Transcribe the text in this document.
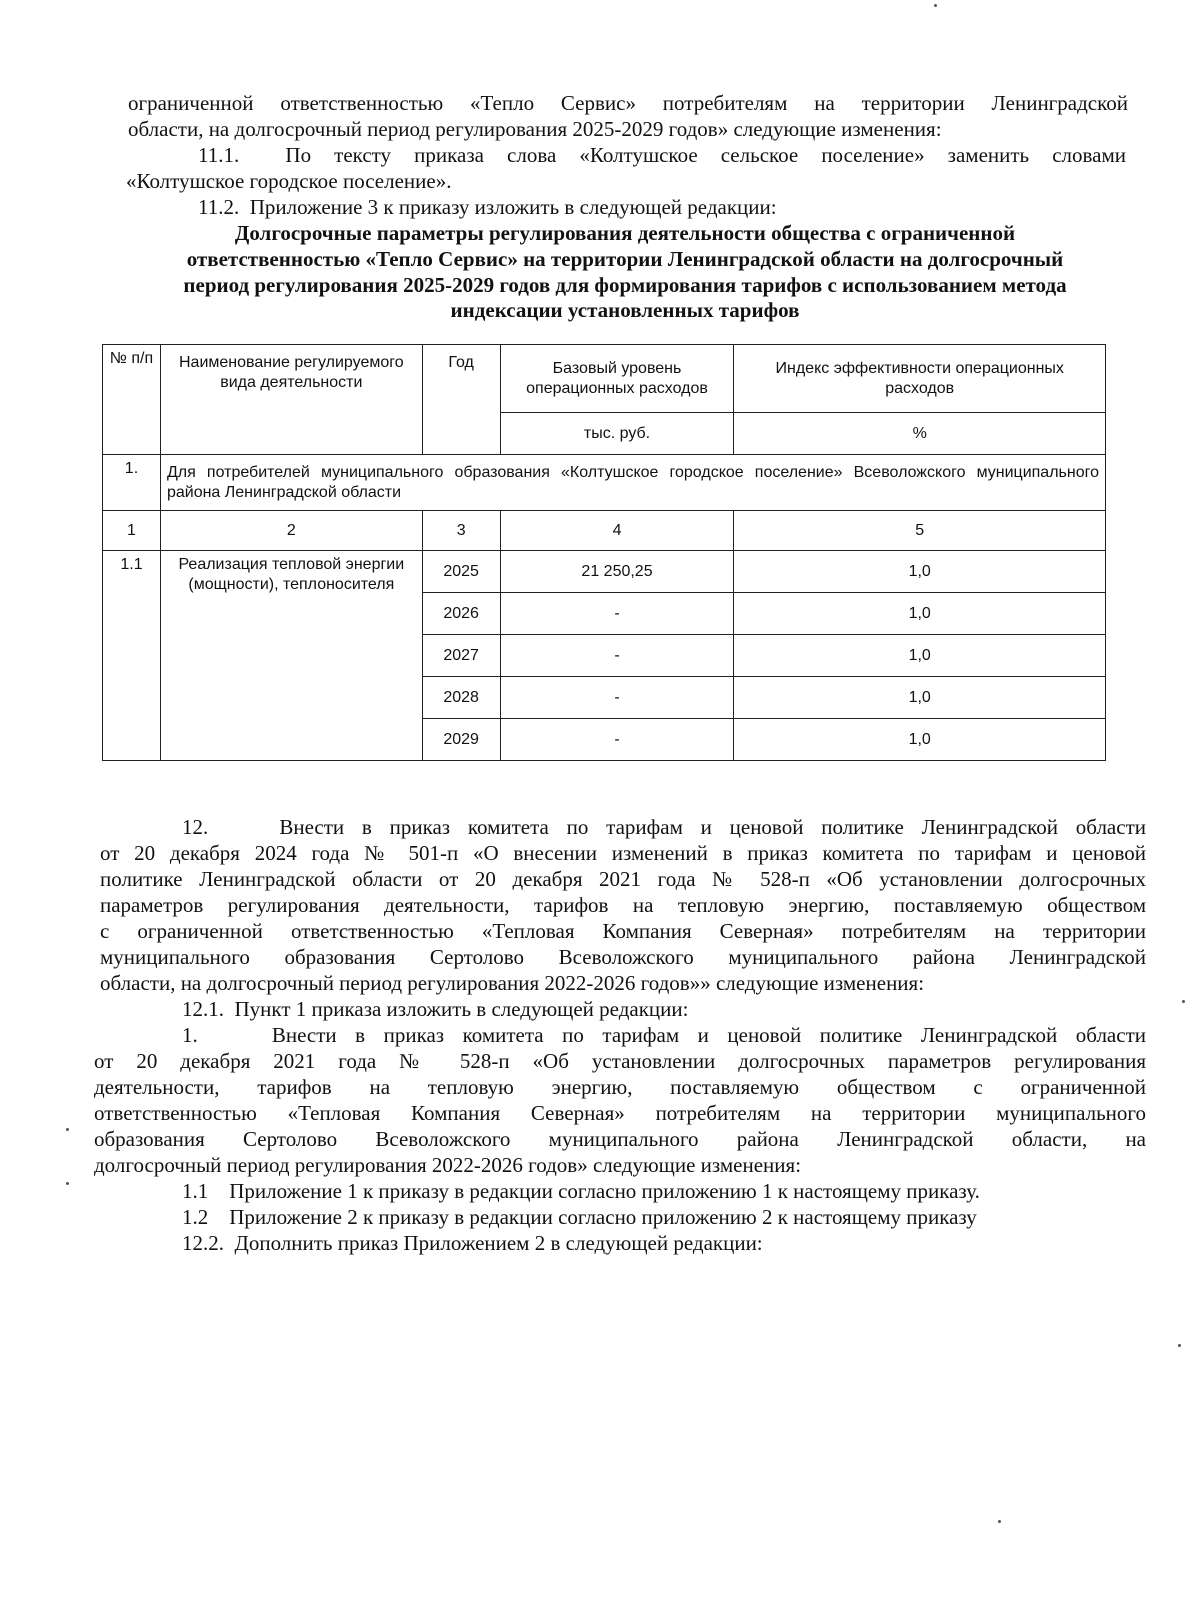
ограниченной ответственностью «Тепло Сервис» потребителям на территории Ленинградской
области, на долгосрочный период регулирования 2025-2029 годов» следующие изменения:
11.1.  По тексту приказа слова «Колтушское сельское поселение» заменить словами
«Колтушское городское поселение».
11.2.  Приложение 3 к приказу изложить в следующей редакции:
Долгосрочные параметры регулирования деятельности общества с ограниченной
ответственностью «Тепло Сервис» на территории Ленинградской области на долгосрочный
период регулирования 2025-2029 годов для формирования тарифов с использованием метода
индексации установленных тарифов
№ п/п	Наименование регулируемого вида деятельности	Год	Базовый уровень операционных расходов	Индекс эффективности операционных расходов
			тыс. руб.	%
1.	Для потребителей муниципального образования «Колтушское городское поселение» Всеволожского муниципального района Ленинградской области			
1	2	3	4	5
1.1	Реализация тепловой энергии (мощности), теплоносителя	2025	21 250,25	1,0
		2026	-	1,0
		2027	-	1,0
		2028	-	1,0
		2029	-	1,0
12.    Внести в приказ комитета по тарифам и ценовой политике Ленинградской области
от 20 декабря 2024 года № 501-п «О внесении изменений в приказ комитета по тарифам и ценовой
политике Ленинградской области от 20 декабря 2021 года № 528-п «Об установлении долгосрочных
параметров регулирования деятельности, тарифов на тепловую энергию, поставляемую обществом
с ограниченной ответственностью «Тепловая Компания Северная» потребителям на территории
муниципального образования Сертолово Всеволожского муниципального района Ленинградской
области, на долгосрочный период регулирования 2022-2026 годов»» следующие изменения:
12.1.  Пункт 1 приказа изложить в следующей редакции:
1.    Внести в приказ комитета по тарифам и ценовой политике Ленинградской области
от 20 декабря 2021 года № 528-п «Об установлении долгосрочных параметров регулирования
деятельности, тарифов на тепловую энергию, поставляемую обществом с ограниченной
ответственностью «Тепловая Компания Северная» потребителям на территории муниципального
образования Сертолово Всеволожского муниципального района Ленинградской области, на
долгосрочный период регулирования 2022-2026 годов» следующие изменения:
1.1    Приложение 1 к приказу в редакции согласно приложению 1 к настоящему приказу.
1.2    Приложение 2 к приказу в редакции согласно приложению 2 к настоящему приказу
12.2.  Дополнить приказ Приложением 2 в следующей редакции:
